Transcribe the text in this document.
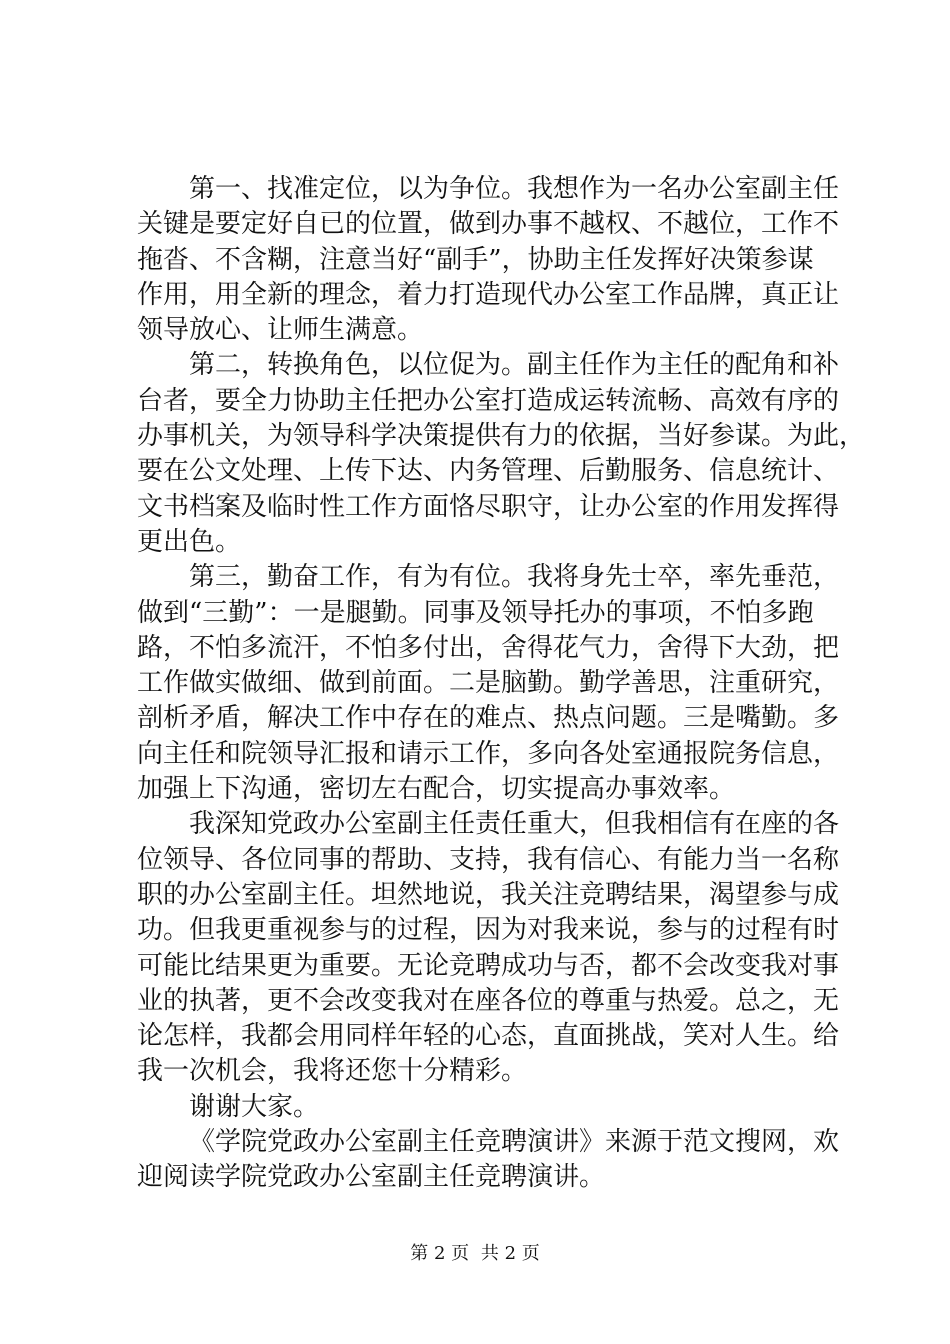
第一、找准定位，以为争位。我想作为一名办公室副主任
关键是要定好自已的位置，做到办事不越权、不越位，工作不
拖沓、不含糊，注意当好“副手”，协助主任发挥好决策参谋
作用，用全新的理念，着力打造现代办公室工作品牌，真正让
领导放心、让师生满意。
第二，转换角色，以位促为。副主任作为主任的配角和补
台者，要全力协助主任把办公室打造成运转流畅、高效有序的
办事机关，为领导科学决策提供有力的依据，当好参谋。为此，
要在公文处理、上传下达、内务管理、后勤服务、信息统计、
文书档案及临时性工作方面恪尽职守，让办公室的作用发挥得
更出色。
第三，勤奋工作，有为有位。我将身先士卒，率先垂范，
做到“三勤”：一是腿勤。同事及领导托办的事项，不怕多跑
路，不怕多流汗，不怕多付出，舍得花气力，舍得下大劲，把
工作做实做细、做到前面。二是脑勤。勤学善思，注重研究，
剖析矛盾，解决工作中存在的难点、热点问题。三是嘴勤。多
向主任和院领导汇报和请示工作，多向各处室通报院务信息，
加强上下沟通，密切左右配合，切实提高办事效率。
我深知党政办公室副主任责任重大，但我相信有在座的各
位领导、各位同事的帮助、支持，我有信心、有能力当一名称
职的办公室副主任。坦然地说，我关注竞聘结果，渴望参与成
功。但我更重视参与的过程，因为对我来说，参与的过程有时
可能比结果更为重要。无论竞聘成功与否，都不会改变我对事
业的执著，更不会改变我对在座各位的尊重与热爱。总之，无
论怎样，我都会用同样年轻的心态，直面挑战，笑对人生。给
我一次机会，我将还您十分精彩。
谢谢大家。
《学院党政办公室副主任竞聘演讲》来源于范文搜网，欢
迎阅读学院党政办公室副主任竞聘演讲。
第 2 页 共 2 页
